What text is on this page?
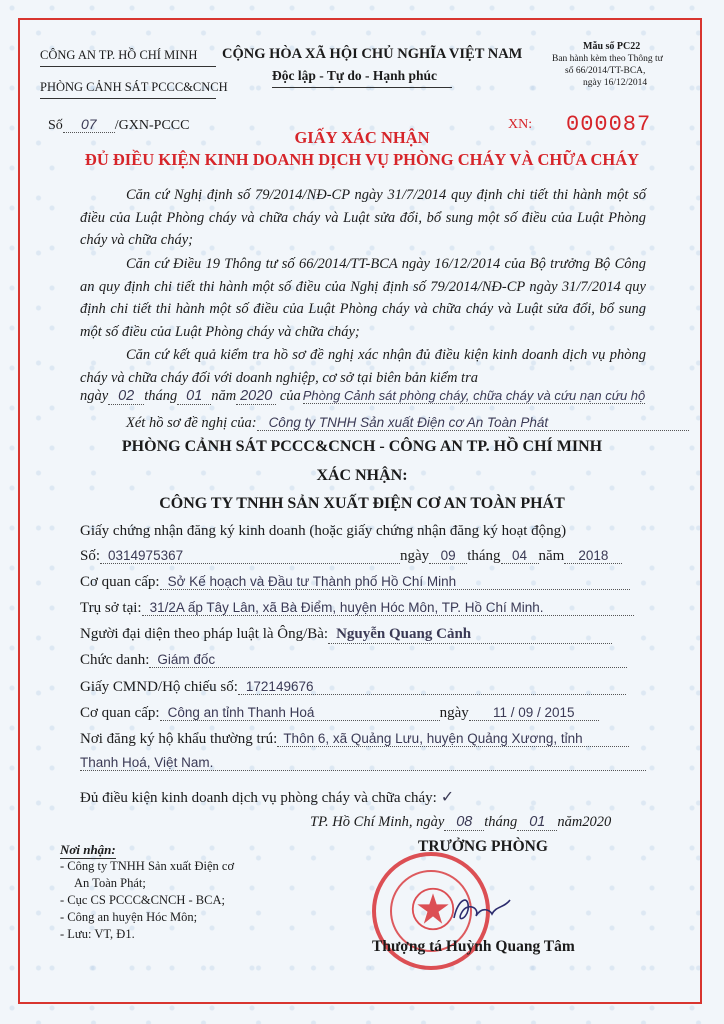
CÔNG AN TP. HỒ CHÍ MINH
PHÒNG CẢNH SÁT PCCC&CNCH
CỘNG HÒA XÃ HỘI CHỦ NGHĨA VIỆT NAM
Độc lập - Tự do - Hạnh phúc
Mẫu số PC22
Ban hành kèm theo Thông tư
số 66/2014/TT-BCA,
ngày 16/12/2014
Số 07 /GXN-PCCC	XN: 000087
GIẤY XÁC NHẬN
ĐỦ ĐIỀU KIỆN KINH DOANH DỊCH VỤ PHÒNG CHÁY VÀ CHỮA CHÁY
Căn cứ Nghị định số 79/2014/NĐ-CP ngày 31/7/2014 quy định chi tiết thi hành một số điều của Luật Phòng cháy và chữa cháy và Luật sửa đổi, bổ sung một số điều của Luật Phòng cháy và chữa cháy;
Căn cứ Điều 19 Thông tư số 66/2014/TT-BCA ngày 16/12/2014 của Bộ trưởng Bộ Công an quy định chi tiết thi hành một số điều của Nghị định số 79/2014/NĐ-CP ngày 31/7/2014 quy định chi tiết thi hành một số điều của Luật Phòng cháy và chữa cháy và Luật sửa đổi, bổ sung một số điều của Luật Phòng cháy và chữa cháy;
Căn cứ kết quả kiểm tra hồ sơ đề nghị xác nhận đủ điều kiện kinh doanh dịch vụ phòng cháy và chữa cháy đối với doanh nghiệp, cơ sở tại biên bản kiểm tra
ngày 02 tháng 01 năm 2020 của Phòng Cảnh sát phòng cháy, chữa cháy và cứu nạn cứu hộ
Xét hồ sơ đề nghị của: Công ty TNHH Sản xuất Điện cơ An Toàn Phát
PHÒNG CẢNH SÁT PCCC&CNCH - CÔNG AN TP. HỒ CHÍ MINH
XÁC NHẬN:
CÔNG TY TNHH SẢN XUẤT ĐIỆN CƠ AN TOÀN PHÁT
Giấy chứng nhận đăng ký kinh doanh (hoặc giấy chứng nhận đăng ký hoạt động)
Số: 0314975367	ngày 09 tháng 04 năm 2018
Cơ quan cấp: Sở Kế hoạch và Đầu tư Thành phố Hồ Chí Minh
Trụ sở tại: 31/2A ấp Tây Lân, xã Bà Điểm, huyện Hóc Môn, TP. Hồ Chí Minh.
Người đại diện theo pháp luật là Ông/Bà: Nguyễn Quang Cảnh
Chức danh: Giám đốc
Giấy CMND/Hộ chiếu số: 172149676
Cơ quan cấp: Công an tỉnh Thanh Hoá	ngày 11 / 09 / 2015
Nơi đăng ký hộ khẩu thường trú: Thôn 6, xã Quảng Lưu, huyện Quảng Xương, tỉnh
Thanh Hoá, Việt Nam.
Đủ điều kiện kinh doanh dịch vụ phòng cháy và chữa cháy: ✓
TP. Hồ Chí Minh, ngày 08 tháng 01 năm2020
Nơi nhận:
- Công ty TNHH Sản xuất Điện cơ
An Toàn Phát;
- Cục CS PCCC&CNCH - BCA;
- Công an huyện Hóc Môn;
- Lưu: VT, Đ1.
TRƯỞNG PHÒNG
Thượng tá Huỳnh Quang Tâm
